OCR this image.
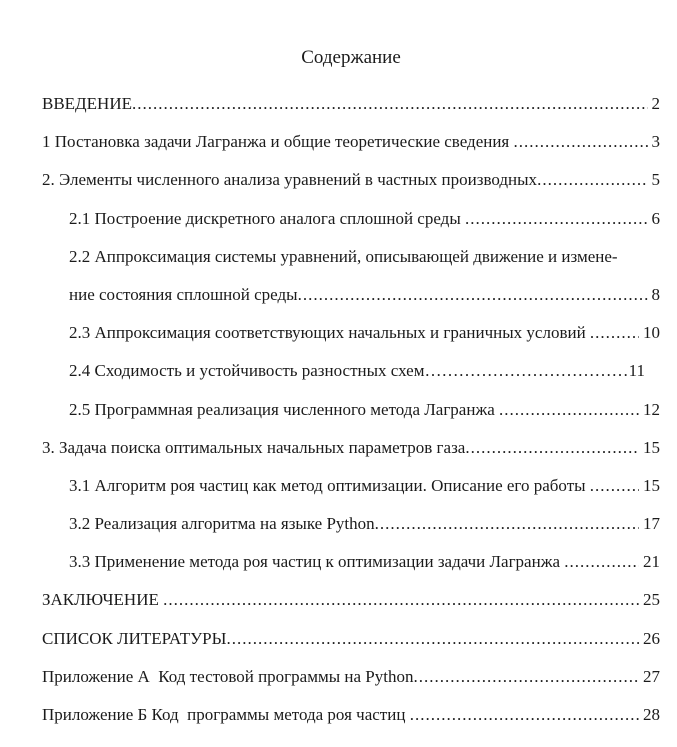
Содержание
ВВЕДЕНИЕ .....	2
1 Постановка задачи Лагранжа и общие теоретические сведения .....	3
2. Элементы численного анализа уравнений в частных производных .....	5
2.1 Построение дискретного аналога сплошной среды .....	6
2.2 Аппроксимация системы уравнений, описывающей движение и измене-
ние состояния сплошной среды .....	8
2.3 Аппроксимация соответствующих начальных и граничных условий .....	10
2.4 Сходимость и устойчивость разностных схем ………………………………………………………………………………	11
2.5 Программная реализация численного метода Лагранжа .....	12
3. Задача поиска оптимальных начальных параметров газа .....	15
3.1 Алгоритм роя частиц как метод оптимизации. Описание его работы .....	15
3.2 Реализация алгоритма на языке Python .....	17
3.3 Применение метода роя частиц к оптимизации задачи Лагранжа .....	21
ЗАКЛЮЧЕНИЕ .....	25
СПИСОК ЛИТЕРАТУРЫ .....	26
Приложение А  Код тестовой программы на Python .....	27
Приложение Б Код  программы метода роя частиц .....	28
